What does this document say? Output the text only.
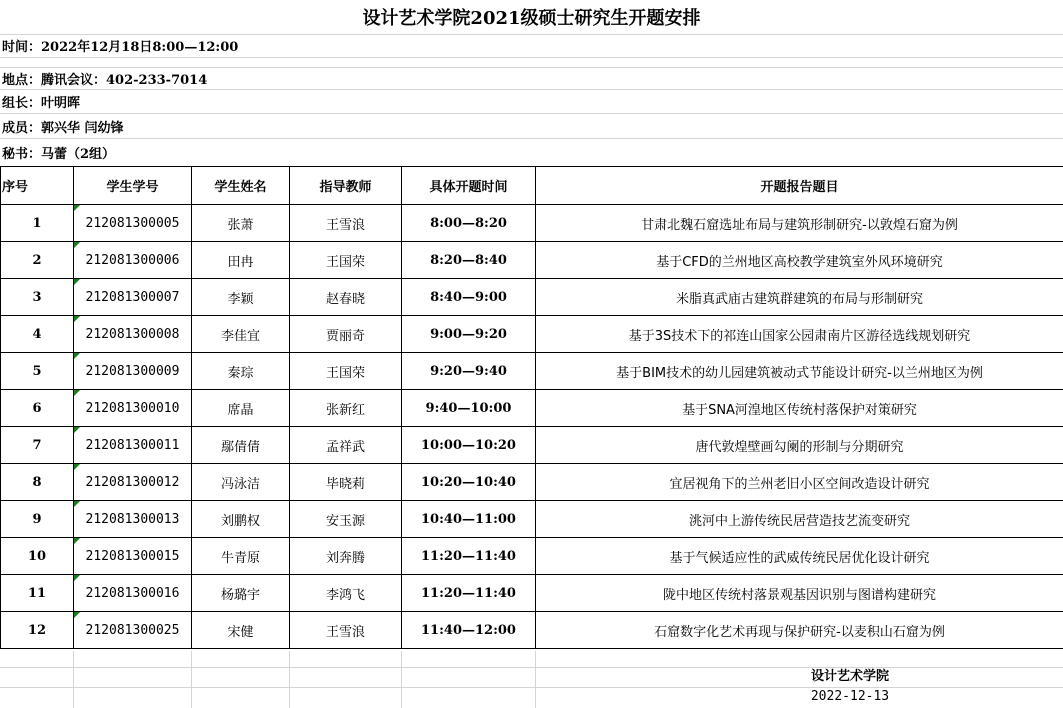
设计艺术学院2021级硕士研究生开题安排
时间： 2022年12月18日8:00—12:00
地点： 腾讯会议：402-233-7014
组长： 叶明晖
成员： 郭兴华 闫幼锋
秘书： 马蕾（2组）
序号	学生学号	学生姓名	指导教师	具体开题时间	开题报告题目
1	212081300005	张萧	王雪浪	8:00—8:20	甘肃北魏石窟选址布局与建筑形制研究-以敦煌石窟为例
2	212081300006	田冉	王国荣	8:20—8:40	基于CFD的兰州地区高校教学建筑室外风环境研究
3	212081300007	李颖	赵春晓	8:40—9:00	米脂真武庙古建筑群建筑的布局与形制研究
4	212081300008	李佳宜	贾丽奇	9:00—9:20	基于3S技术下的祁连山国家公园肃南片区游径选线规划研究
5	212081300009	秦琮	王国荣	9:20—9:40	基于BIM技术的幼儿园建筑被动式节能设计研究-以兰州地区为例
6	212081300010	席晶	张新红	9:40—10:00	基于SNA河湟地区传统村落保护对策研究
7	212081300011	鄢倩倩	孟祥武	10:00—10:20	唐代敦煌壁画勾阑的形制与分期研究
8	212081300012	冯泳洁	毕晓莉	10:20—10:40	宜居视角下的兰州老旧小区空间改造设计研究
9	212081300013	刘鹏权	安玉源	10:40—11:00	洮河中上游传统民居营造技艺流变研究
10	212081300015	牛青原	刘奔腾	11:20—11:40	基于气候适应性的武威传统民居优化设计研究
11	212081300016	杨璐宇	李鸿飞	11:20—11:40	陇中地区传统村落景观基因识别与图谱构建研究
12	212081300025	宋健	王雪浪	11:40—12:00	石窟数字化艺术再现与保护研究-以麦积山石窟为例
设计艺术学院
2022-12-13
